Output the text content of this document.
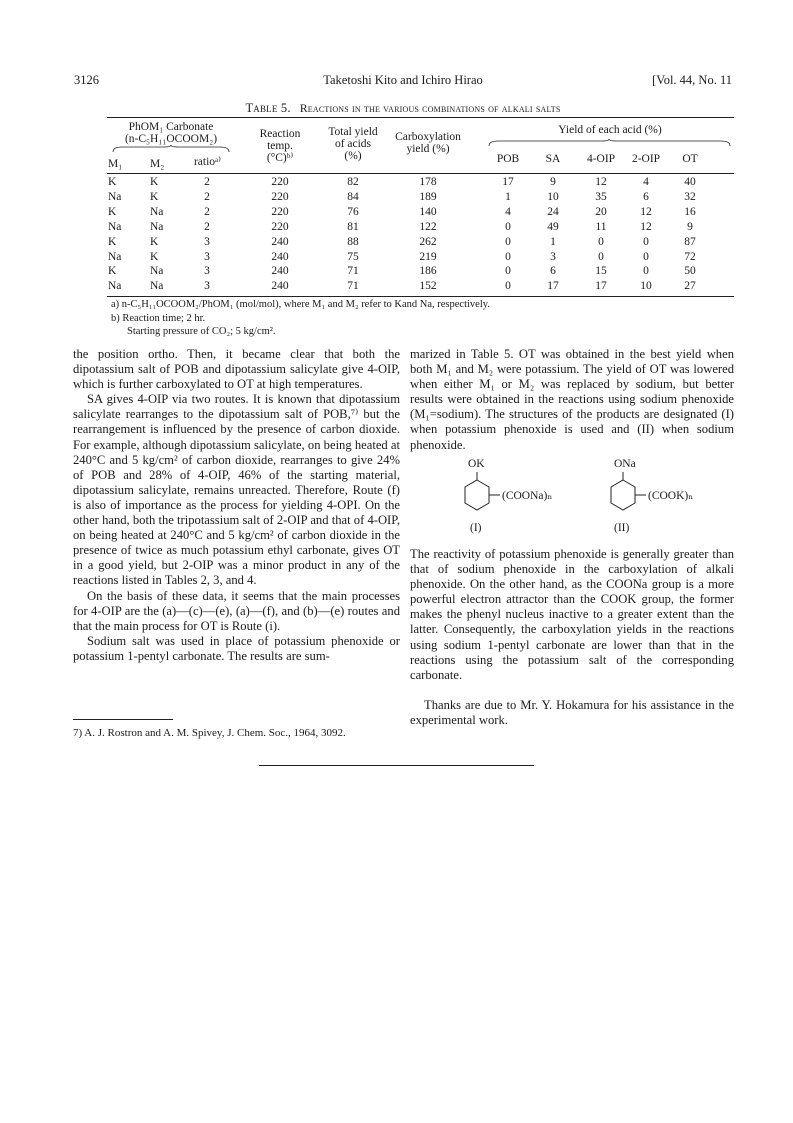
3126	Taketoshi Kito and Ichiro Hirao	[Vol. 44, No. 11
Table 5. Reactions in the various combinations of alkali salts
PhOM₁ Carbonate
(n-C₅H₁₁OCOOM₂)
M₁	M₂	ratioᵃ⁾
Reaction
temp.
(°C)ᵇ⁾
Total yield
of acids
(%)
Carboxylation
yield (%)
Yield of each acid (%)
POB	SA	4-OIP	2-OIP	OT
K	K	2	220	82	178	17	9	12	4	40
Na	K	2	220	84	189	1	10	35	6	32
K	Na	2	220	76	140	4	24	20	12	16
Na	Na	2	220	81	122	0	49	11	12	9
K	K	3	240	88	262	0	1	0	0	87
Na	K	3	240	75	219	0	3	0	0	72
K	Na	3	240	71	186	0	6	15	0	50
Na	Na	3	240	71	152	0	17	17	10	27
a) n-C₅H₁₁OCOOM₂/PhOM₁ (mol/mol), where M₁ and M₂ refer to Kand Na, respectively.
b) Reaction time; 2 hr.
Starting pressure of CO₂; 5 kg/cm².

the position ortho. Then, it became clear that both the dipotassium salt of POB and dipotassium salicylate give 4-OIP, which is further carboxylated to OT at high temperatures.

SA gives 4-OIP via two routes. It is known that dipotassium salicylate rearranges to the dipotassium salt of POB,⁷⁾ but the rearrangement is influenced by the presence of carbon dioxide. For example, although dipotassium salicylate, on being heated at 240°C and 5 kg/cm² of carbon dioxide, rearranges to give 24% of POB and 28% of 4-OIP, 46% of the starting material, dipotassium salicylate, remains unreacted. Therefore, Route (f) is also of importance as the process for yielding 4-OPI. On the other hand, both the tripotassium salt of 2-OIP and that of 4-OIP, on being heated at 240°C and 5 kg/cm² of carbon dioxide in the presence of twice as much potassium ethyl carbonate, gives OT in a good yield, but 2-OIP was a minor product in any of the reactions listed in Tables 2, 3, and 4.

On the basis of these data, it seems that the main processes for 4-OIP are the (a)—(c)—(e), (a)—(f), and (b)—(e) routes and that the main process for OT is Route (i).

Sodium salt was used in place of potassium phenoxide or potassium 1-pentyl carbonate. The results are sum-

7) A. J. Rostron and A. M. Spivey, J. Chem. Soc., 1964, 3092.

marized in Table 5. OT was obtained in the best yield when both M₁ and M₂ were potassium. The yield of OT was lowered when either M₁ or M₂ was replaced by sodium, but better results were obtained in the reactions using sodium phenoxide (M₁=sodium). The structures of the products are designated (I) when potassium phenoxide is used and (II) when sodium phenoxide.

OK
(COONa)ₙ
(I)
ONa
(COOK)ₙ
(II)

The reactivity of potassium phenoxide is generally greater than that of sodium phenoxide in the carboxylation of alkali phenoxide. On the other hand, as the COONa group is a more powerful electron attractor than the COOK group, the former makes the phenyl nucleus inactive to a greater extent than the latter. Consequently, the carboxylation yields in the reactions using sodium 1-pentyl carbonate are lower than that in the reactions using the potassium salt of the corresponding carbonate.

Thanks are due to Mr. Y. Hokamura for his assistance in the experimental work.
